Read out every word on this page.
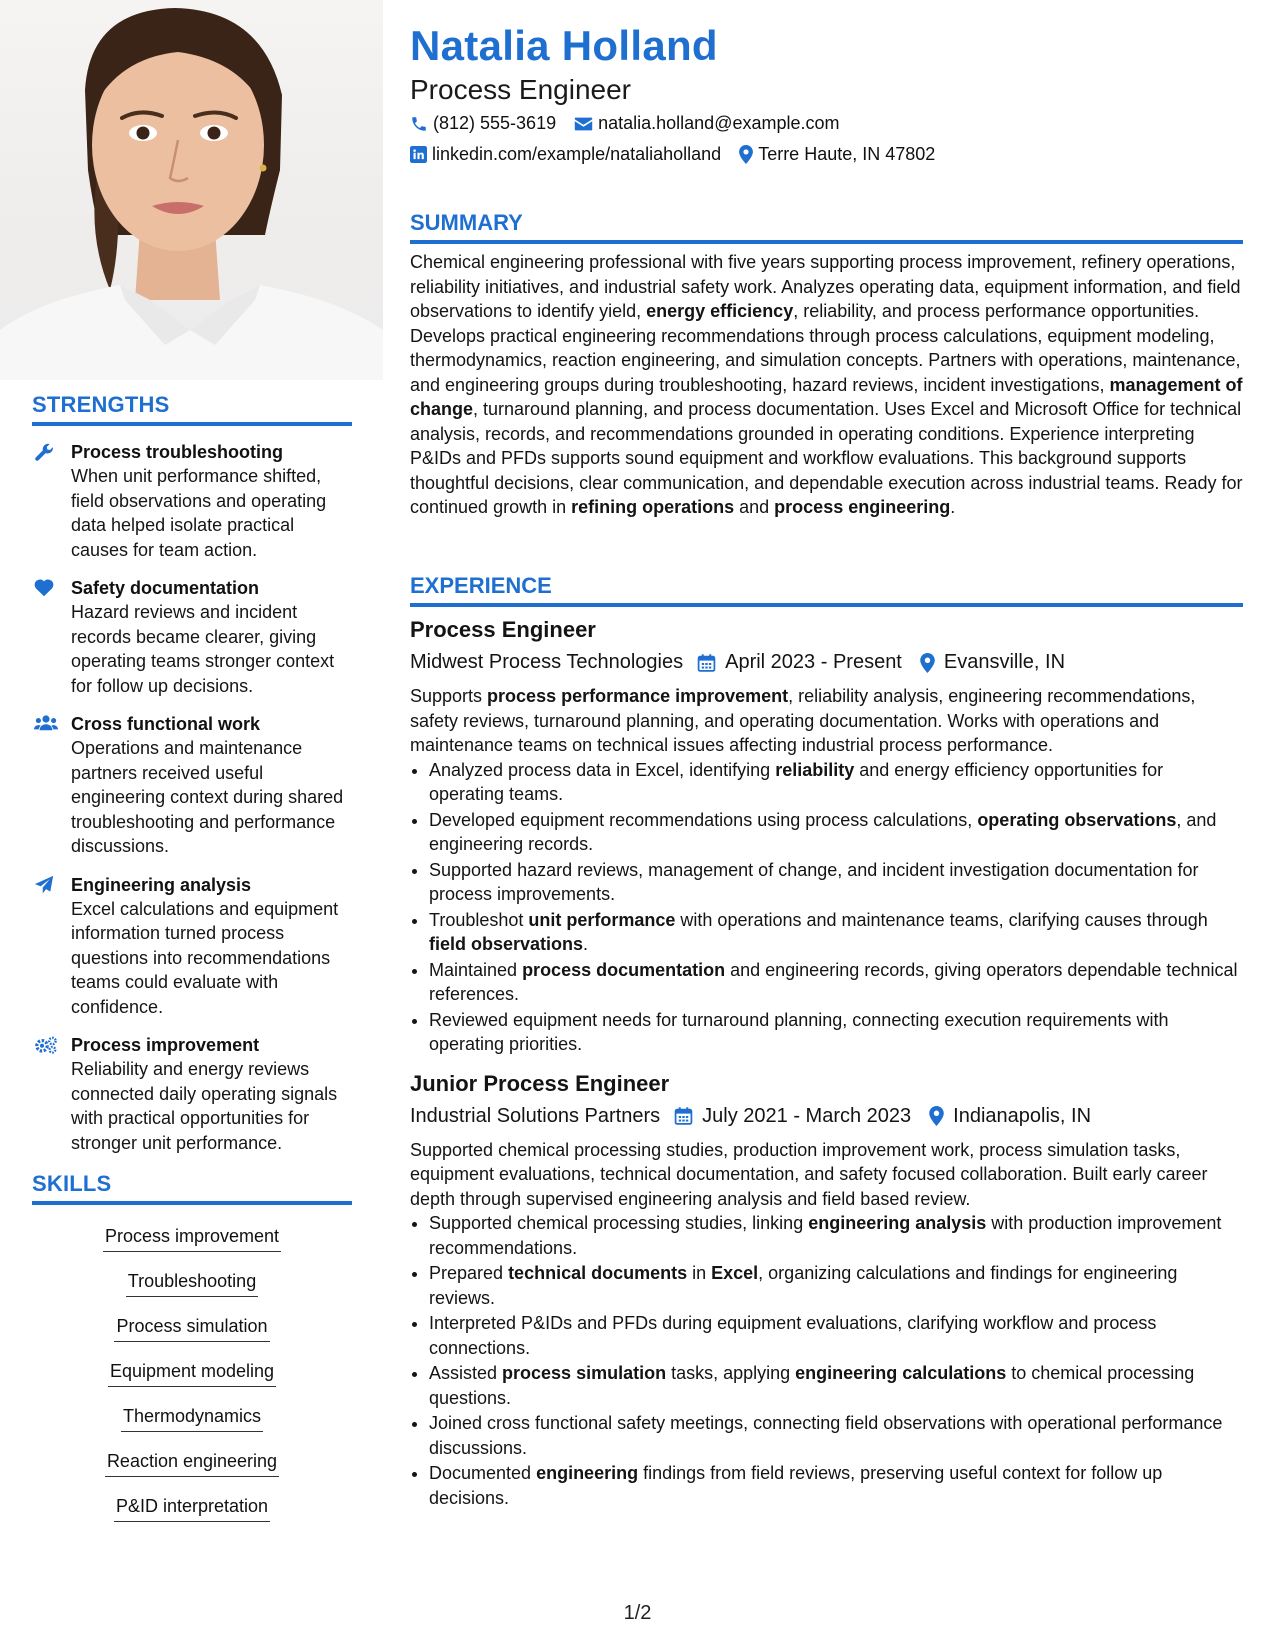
STRENGTHS
Process troubleshooting
When unit performance shifted, field observations and operating data helped isolate practical causes for team action.
Safety documentation
Hazard reviews and incident records became clearer, giving operating teams stronger context for follow up decisions.
Cross functional work
Operations and maintenance partners received useful engineering context during shared troubleshooting and performance discussions.
Engineering analysis
Excel calculations and equipment information turned process questions into recommendations teams could evaluate with confidence.
Process improvement
Reliability and energy reviews connected daily operating signals with practical opportunities for stronger unit performance.
SKILLS
Process improvement
Troubleshooting
Process simulation
Equipment modeling
Thermodynamics
Reaction engineering
P&ID interpretation
Natalia Holland
Process Engineer
(812) 555-3619 natalia.holland@example.com
linkedin.com/example/nataliaholland Terre Haute, IN 47802
SUMMARY

Chemical engineering professional with five years supporting process improvement, refinery operations, reliability initiatives, and industrial safety work. Analyzes operating data, equipment information, and field observations to identify yield, energy efficiency, reliability, and process performance opportunities. Develops practical engineering recommendations through process calculations, equipment modeling, thermodynamics, reaction engineering, and simulation concepts. Partners with operations, maintenance, and engineering groups during troubleshooting, hazard reviews, incident investigations, management of change, turnaround planning, and process documentation. Uses Excel and Microsoft Office for technical analysis, records, and recommendations grounded in operating conditions. Experience interpreting P&IDs and PFDs supports sound equipment and workflow evaluations. This background supports thoughtful decisions, clear communication, and dependable execution across industrial teams. Ready for continued growth in refining operations and process engineering.

EXPERIENCE
Process Engineer
Midwest Process Technologies April 2023 - Present Evansville, IN

Supports process performance improvement, reliability analysis, engineering recommendations, safety reviews, turnaround planning, and operating documentation. Works with operations and maintenance teams on technical issues affecting industrial process performance.

• Analyzed process data in Excel, identifying reliability and energy efficiency opportunities for operating teams.
• Developed equipment recommendations using process calculations, operating observations, and engineering records.
• Supported hazard reviews, management of change, and incident investigation documentation for process improvements.
• Troubleshot unit performance with operations and maintenance teams, clarifying causes through field observations.
• Maintained process documentation and engineering records, giving operators dependable technical references.
• Reviewed equipment needs for turnaround planning, connecting execution requirements with operating priorities.
Junior Process Engineer
Industrial Solutions Partners July 2021 - March 2023 Indianapolis, IN

Supported chemical processing studies, production improvement work, process simulation tasks, equipment evaluations, technical documentation, and safety focused collaboration. Built early career depth through supervised engineering analysis and field based review.

• Supported chemical processing studies, linking engineering analysis with production improvement recommendations.
• Prepared technical documents in Excel, organizing calculations and findings for engineering reviews.
• Interpreted P&IDs and PFDs during equipment evaluations, clarifying workflow and process connections.
• Assisted process simulation tasks, applying engineering calculations to chemical processing questions.
• Joined cross functional safety meetings, connecting field observations with operational performance discussions.
• Documented engineering findings from field reviews, preserving useful context for follow up decisions.
1/2
